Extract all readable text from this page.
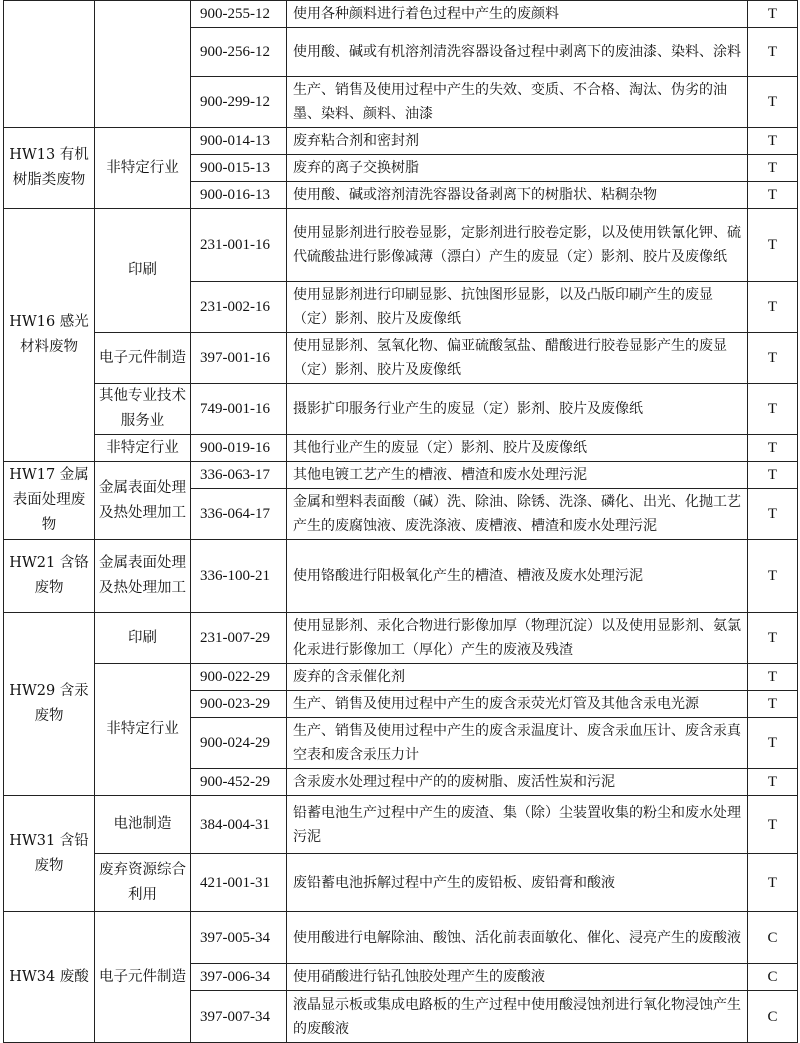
		900-255-12	使用各种颜料进行着色过程中产生的废颜料	T
		900-256-12	使用酸、碱或有机溶剂清洗容器设备过程中剥离下的废油漆、染料、涂料	T
		900-299-12	生产、销售及使用过程中产生的失效、变质、不合格、淘汰、伪劣的油墨、染料、颜料、油漆	T
HW13 有机树脂类废物	非特定行业	900-014-13	废弃粘合剂和密封剂	T
		900-015-13	废弃的离子交换树脂	T
		900-016-13	使用酸、碱或溶剂清洗容器设备剥离下的树脂状、粘稠杂物	T
HW16 感光材料废物	印刷	231-001-16	使用显影剂进行胶卷显影，定影剂进行胶卷定影，以及使用铁氰化钾、硫代硫酸盐进行影像减薄（漂白）产生的废显（定）影剂、胶片及废像纸	T
		231-002-16	使用显影剂进行印刷显影、抗蚀图形显影，以及凸版印刷产生的废显（定）影剂、胶片及废像纸	T
	电子元件制造	397-001-16	使用显影剂、氢氧化物、偏亚硫酸氢盐、醋酸进行胶卷显影产生的废显（定）影剂、胶片及废像纸	T
	其他专业技术服务业	749-001-16	摄影扩印服务行业产生的废显（定）影剂、胶片及废像纸	T
	非特定行业	900-019-16	其他行业产生的废显（定）影剂、胶片及废像纸	T
HW17 金属表面处理废物	金属表面处理及热处理加工	336-063-17	其他电镀工艺产生的槽液、槽渣和废水处理污泥	T
		336-064-17	金属和塑料表面酸（碱）洗、除油、除锈、洗涤、磷化、出光、化抛工艺产生的废腐蚀液、废洗涤液、废槽液、槽渣和废水处理污泥	T
HW21 含铬废物	金属表面处理及热处理加工	336-100-21	使用铬酸进行阳极氧化产生的槽渣、槽液及废水处理污泥	T
HW29 含汞废物	印刷	231-007-29	使用显影剂、汞化合物进行影像加厚（物理沉淀）以及使用显影剂、氨氯化汞进行影像加工（厚化）产生的废液及残渣	T
	非特定行业	900-022-29	废弃的含汞催化剂	T
		900-023-29	生产、销售及使用过程中产生的废含汞荧光灯管及其他含汞电光源	T
		900-024-29	生产、销售及使用过程中产生的废含汞温度计、废含汞血压计、废含汞真空表和废含汞压力计	T
		900-452-29	含汞废水处理过程中产的的废树脂、废活性炭和污泥	T
HW31 含铅废物	电池制造	384-004-31	铅蓄电池生产过程中产生的废渣、集（除）尘装置收集的粉尘和废水处理污泥	T
	废弃资源综合利用	421-001-31	废铅蓄电池拆解过程中产生的废铅板、废铅膏和酸液	T
HW34 废酸	电子元件制造	397-005-34	使用酸进行电解除油、酸蚀、活化前表面敏化、催化、浸亮产生的废酸液	C
		397-006-34	使用硝酸进行钻孔蚀胶处理产生的废酸液	C
		397-007-34	液晶显示板或集成电路板的生产过程中使用酸浸蚀剂进行氧化物浸蚀产生的废酸液	C
